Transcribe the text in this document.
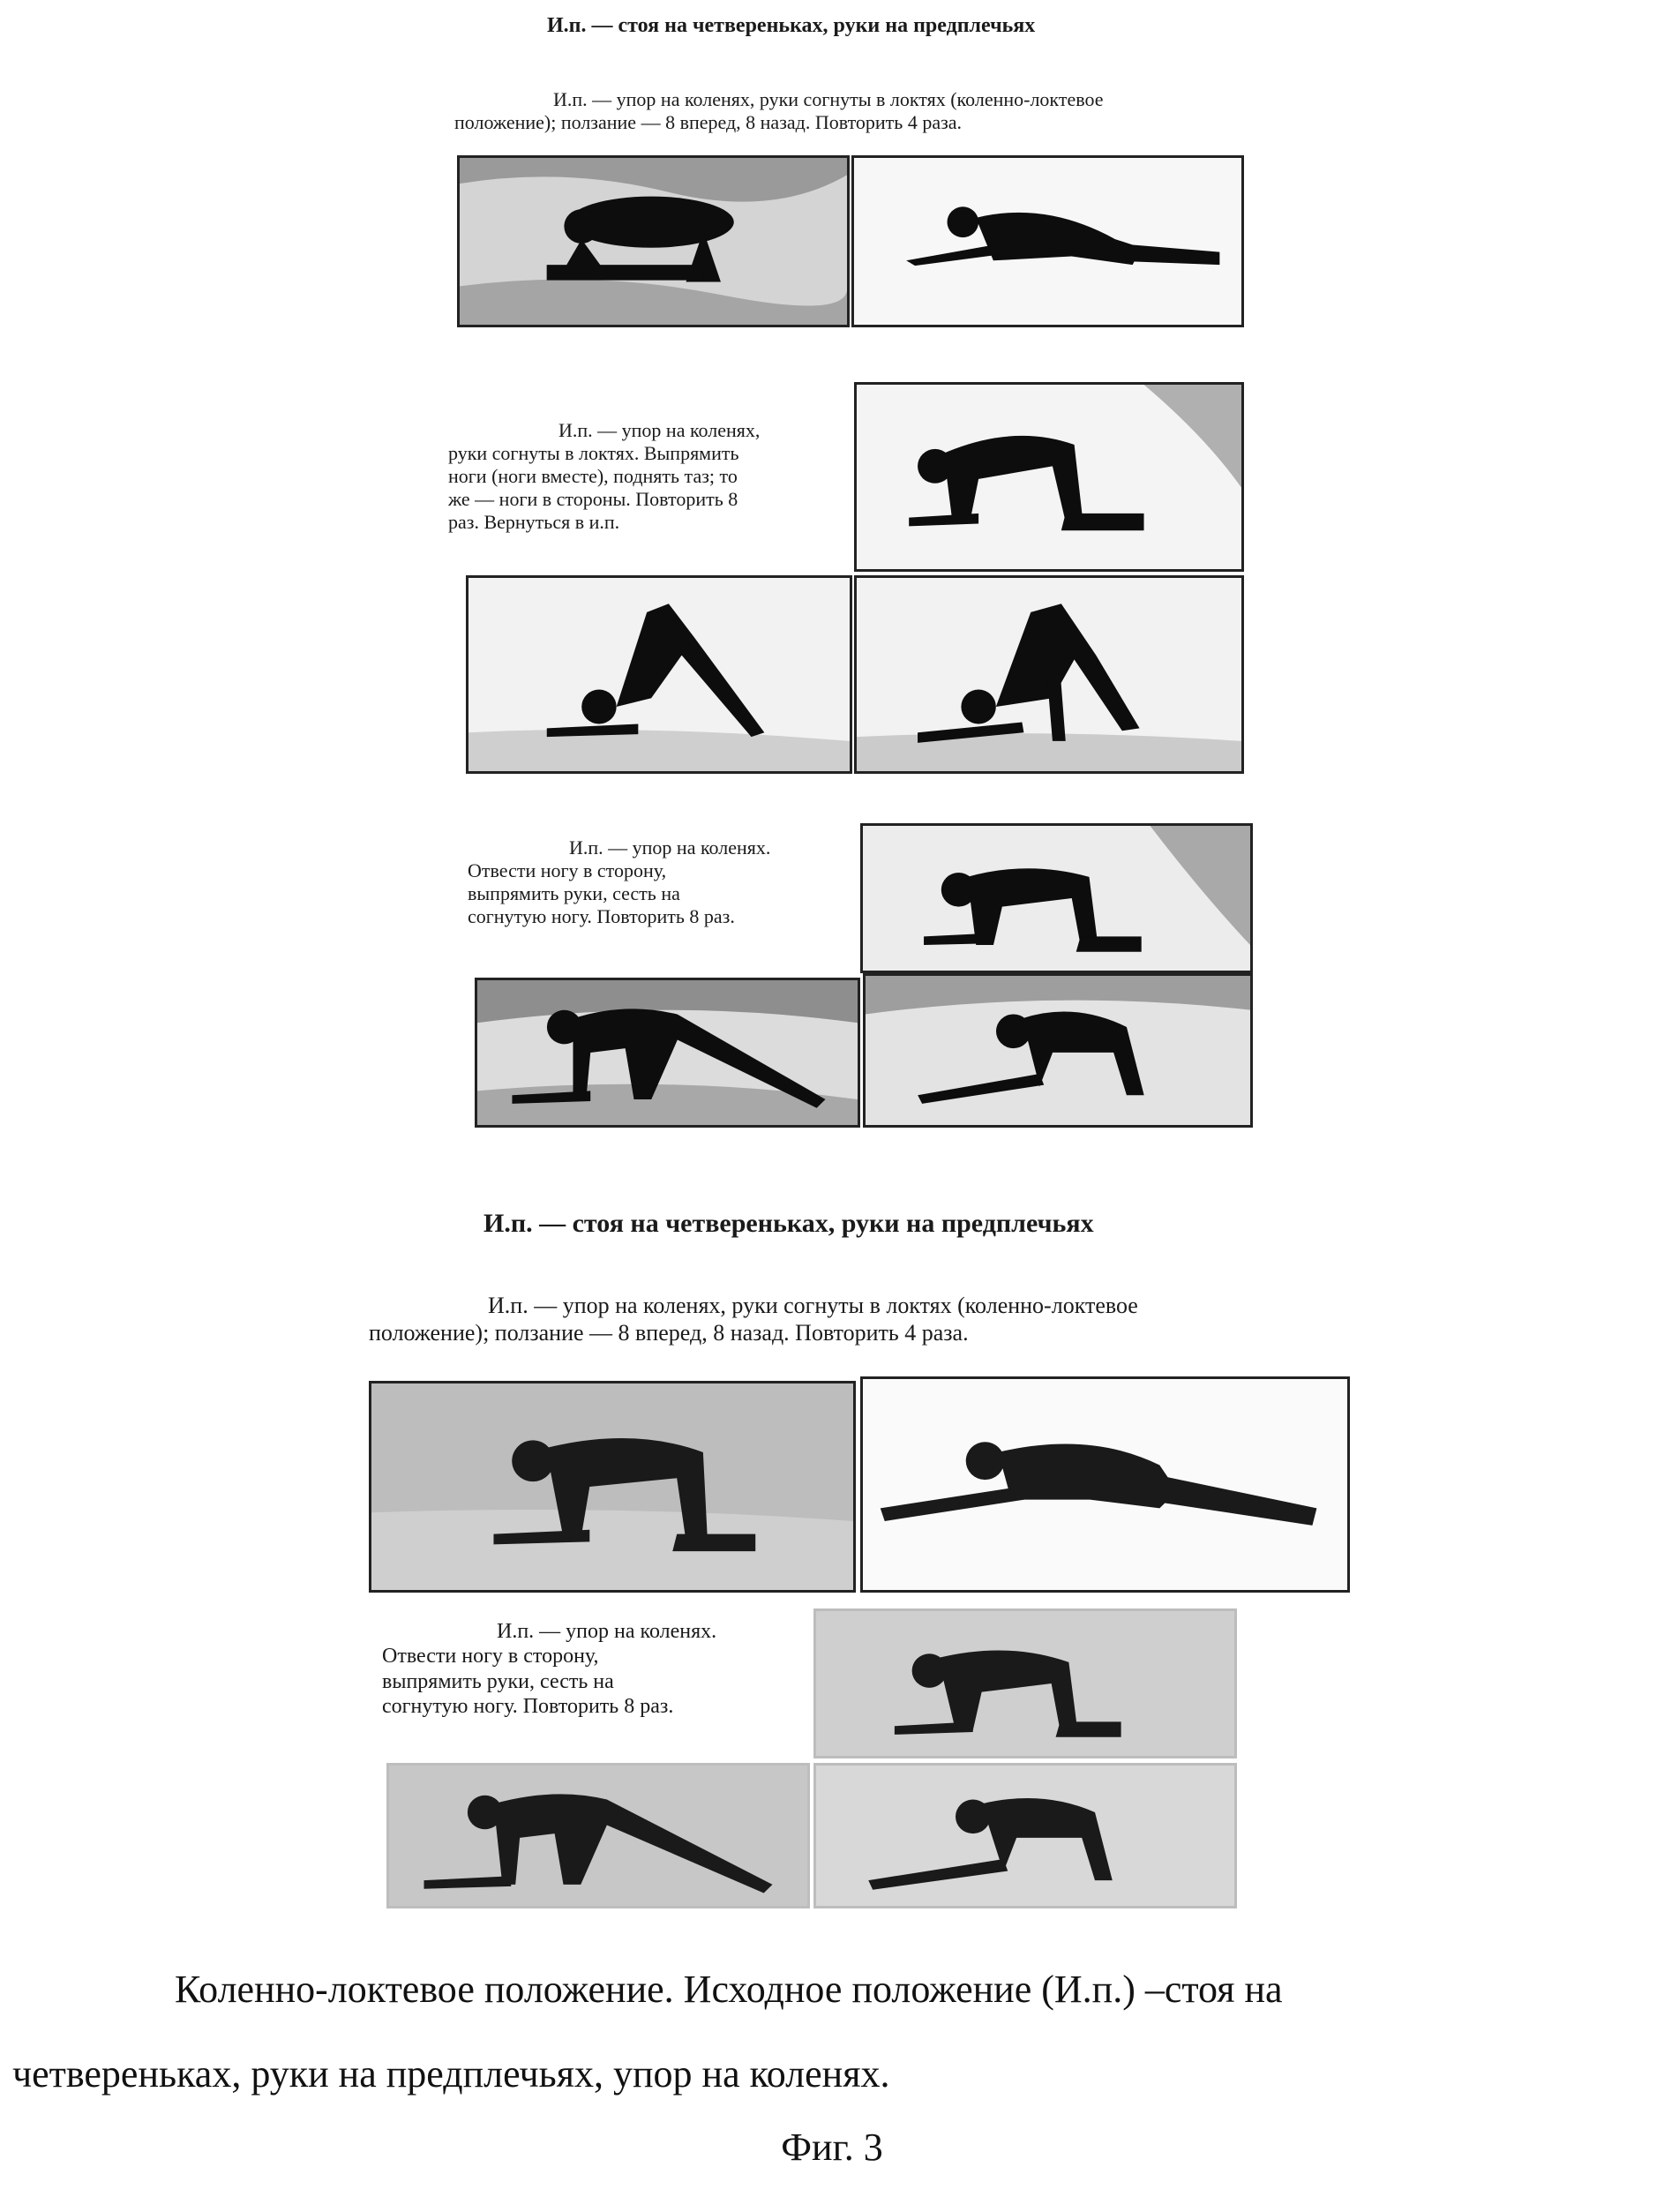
И.п. — стоя на четвереньках, руки на предплечьях
И.п. — упор на коленях, руки согнуты в локтях (коленно-локтевое
положение); ползание — 8 вперед, 8 назад. Повторить 4 раза.
И.п. — упор на коленях,
руки согнуты в локтях. Выпрямить
ноги (ноги вместе), поднять таз; то
же — ноги в стороны. Повторить 8
раз. Вернуться в и.п.
И.п. — упор на коленях.
Отвести ногу в сторону,
выпрямить руки, сесть на
согнутую ногу. Повторить 8 раз.
И.п. — стоя на четвереньках, руки на предплечьях
И.п. — упор на коленях, руки согнуты в локтях (коленно-локтевое
положение); ползание — 8 вперед, 8 назад. Повторить 4 раза.
И.п. — упор на коленях.
Отвести ногу в сторону,
выпрямить руки, сесть на
согнутую ногу. Повторить 8 раз.
Коленно-локтевое положение. Исходное положение (И.п.) –стоя на
четвереньках, руки на предплечьях, упор на коленях.
Фиг. 3
